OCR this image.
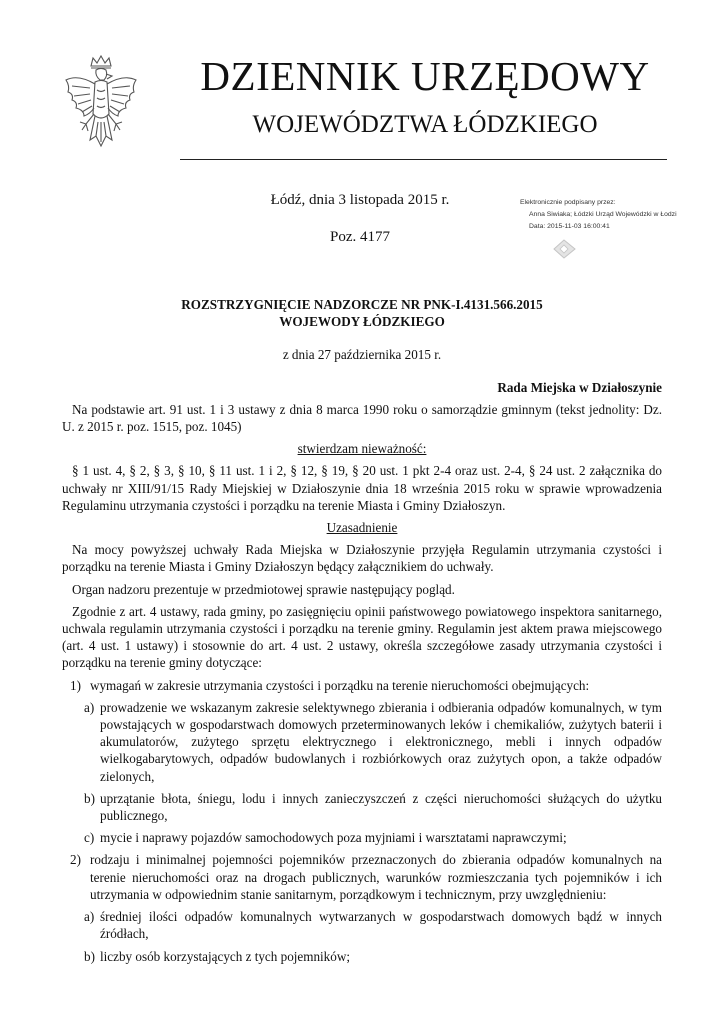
DZIENNIK URZĘDOWY
WOJEWÓDZTWA ŁÓDZKIEGO
Łódź, dnia 3 listopada 2015 r.
Poz. 4177
Elektronicznie podpisany przez:
Anna Siwiaka; Łódzki Urząd Wojewódzki w Łodzi
Data: 2015-11-03 16:00:41

ROZSTRZYGNIĘCIE NADZORCZE NR PNK-I.4131.566.2015

WOJEWODY ŁÓDZKIEGO

z dnia 27 października 2015 r.

Rada Miejska w Działoszynie

Na podstawie art. 91 ust. 1 i 3 ustawy z dnia 8 marca 1990 roku o samorządzie gminnym (tekst jednolity: Dz. U. z 2015 r. poz. 1515, poz. 1045)

stwierdzam nieważność:

§ 1 ust. 4, § 2, § 3, § 10, § 11 ust. 1 i 2, § 12, § 19, § 20 ust. 1 pkt 2-4 oraz ust. 2-4, § 24 ust. 2 załącznika do uchwały nr XIII/91/15 Rady Miejskiej w Działoszynie dnia 18 września 2015 roku w sprawie wprowadzenia Regulaminu utrzymania czystości i porządku na terenie Miasta i Gminy Działoszyn.

Uzasadnienie

Na mocy powyższej uchwały Rada Miejska w Działoszynie przyjęła Regulamin utrzymania czystości i porządku na terenie Miasta i Gminy Działoszyn będący załącznikiem do uchwały.

Organ nadzoru prezentuje w przedmiotowej sprawie następujący pogląd.

Zgodnie z art. 4 ustawy, rada gminy, po zasięgnięciu opinii państwowego powiatowego inspektora sanitarnego, uchwala regulamin utrzymania czystości i porządku na terenie gminy. Regulamin jest aktem prawa miejscowego (art. 4 ust. 1 ustawy) i stosownie do art. 4 ust. 2 ustawy, określa szczegółowe zasady utrzymania czystości i porządku na terenie gminy dotyczące:

1) wymagań w zakresie utrzymania czystości i porządku na terenie nieruchomości obejmujących:
a) prowadzenie we wskazanym zakresie selektywnego zbierania i odbierania odpadów komunalnych, w tym powstających w gospodarstwach domowych przeterminowanych leków i chemikaliów, zużytych baterii i akumulatorów, zużytego sprzętu elektrycznego i elektronicznego, mebli i innych odpadów wielkogabarytowych, odpadów budowlanych i rozbiórkowych oraz zużytych opon, a także odpadów zielonych,
b) uprzątanie błota, śniegu, lodu i innych zanieczyszczeń z części nieruchomości służących do użytku publicznego,
c) mycie i naprawy pojazdów samochodowych poza myjniami i warsztatami naprawczymi;
2) rodzaju i minimalnej pojemności pojemników przeznaczonych do zbierania odpadów komunalnych na terenie nieruchomości oraz na drogach publicznych, warunków rozmieszczania tych pojemników i ich utrzymania w odpowiednim stanie sanitarnym, porządkowym i technicznym, przy uwzględnieniu:
a) średniej ilości odpadów komunalnych wytwarzanych w gospodarstwach domowych bądź w innych źródłach,
b) liczby osób korzystających z tych pojemników;
